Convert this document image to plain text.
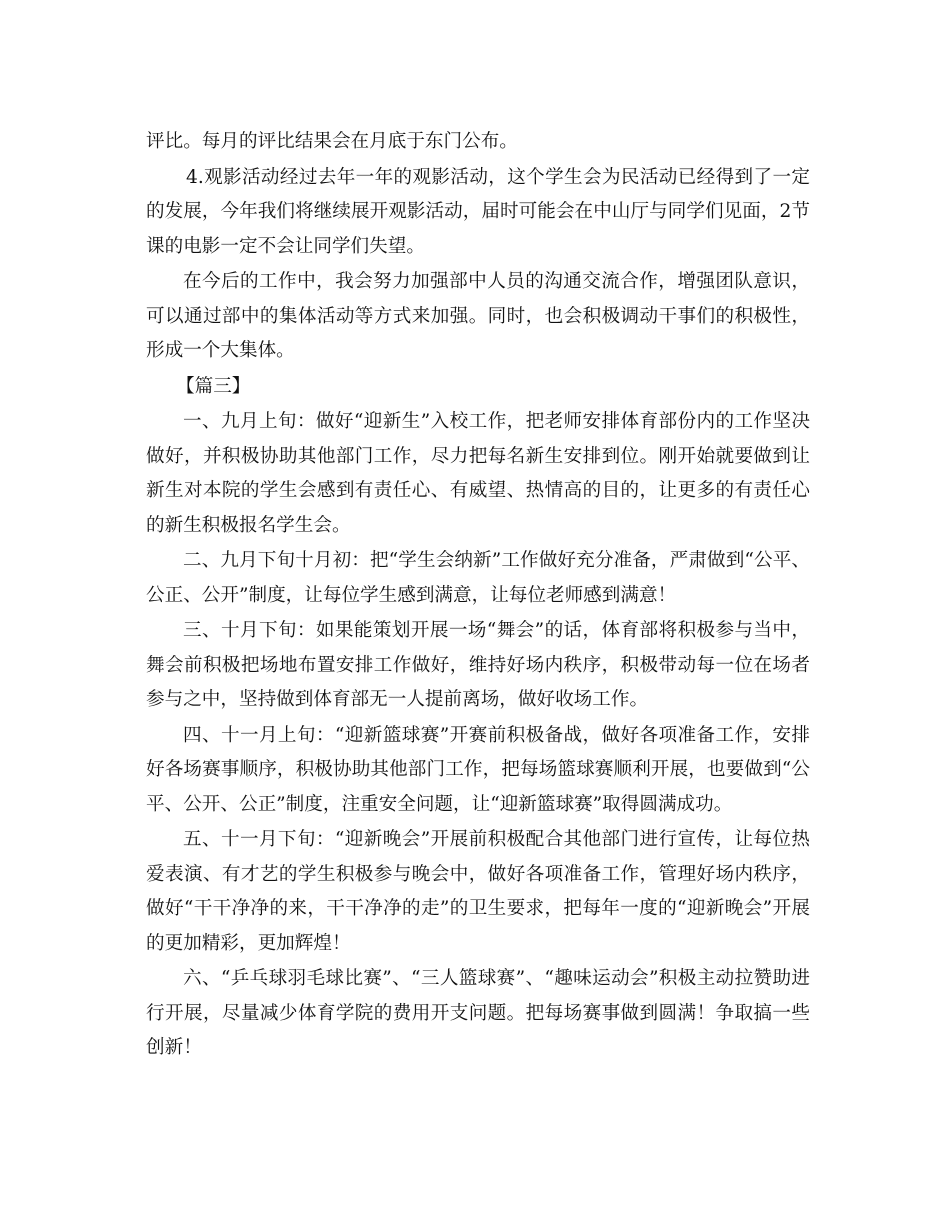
评比。每月的评比结果会在月底于东门公布。

4.观影活动经过去年一年的观影活动，这个学生会为民活动已经得到了一定的发展，今年我们将继续展开观影活动，届时可能会在中山厅与同学们见面，2节课的电影一定不会让同学们失望。

在今后的工作中，我会努力加强部中人员的沟通交流合作，增强团队意识，可以通过部中的集体活动等方式来加强。同时，也会积极调动干事们的积极性，形成一个大集体。

【篇三】

一、九月上旬：做好“迎新生”入校工作，把老师安排体育部份内的工作坚决做好，并积极协助其他部门工作，尽力把每名新生安排到位。刚开始就要做到让新生对本院的学生会感到有责任心、有威望、热情高的目的，让更多的有责任心的新生积极报名学生会。

二、九月下旬十月初：把“学生会纳新”工作做好充分准备，严肃做到“公平、公正、公开”制度，让每位学生感到满意，让每位老师感到满意！

三、十月下旬：如果能策划开展一场“舞会”的话，体育部将积极参与当中，舞会前积极把场地布置安排工作做好，维持好场内秩序，积极带动每一位在场者参与之中，坚持做到体育部无一人提前离场，做好收场工作。

四、十一月上旬：“迎新篮球赛”开赛前积极备战，做好各项准备工作，安排好各场赛事顺序，积极协助其他部门工作，把每场篮球赛顺利开展，也要做到“公平、公开、公正”制度，注重安全问题，让“迎新篮球赛”取得圆满成功。

五、十一月下旬：“迎新晚会”开展前积极配合其他部门进行宣传，让每位热爱表演、有才艺的学生积极参与晚会中，做好各项准备工作，管理好场内秩序，做好“干干净净的来，干干净净的走”的卫生要求，把每年一度的“迎新晚会”开展的更加精彩，更加辉煌！

六、“乒乓球羽毛球比赛”、“三人篮球赛”、“趣味运动会”积极主动拉赞助进行开展，尽量减少体育学院的费用开支问题。把每场赛事做到圆满！争取搞一些创新！
